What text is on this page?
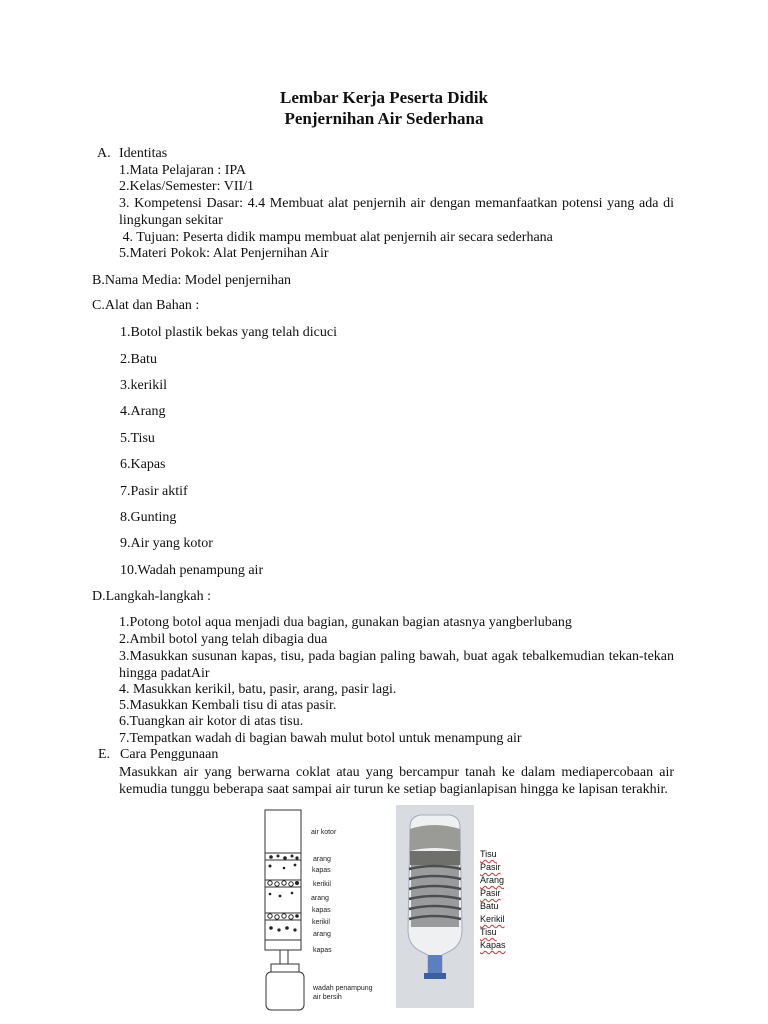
Lembar Kerja Peserta Didik
Penjernihan Air Sederhana
A. Identitas
1.Mata Pelajaran : IPA
2.Kelas/Semester: VII/1
3. Kompetensi Dasar: 4.4 Membuat alat penjernih air dengan memanfaatkan potensi yang ada di lingkungan sekitar
4. Tujuan: Peserta didik mampu membuat alat penjernih air secara sederhana
5.Materi Pokok: Alat Penjernihan Air
B.Nama Media: Model penjernihan
C.Alat dan Bahan :
1.Botol plastik bekas yang telah dicuci
2.Batu
3.kerikil
4.Arang
5.Tisu
6.Kapas
7.Pasir aktif
8.Gunting
9.Air yang kotor
10.Wadah penampung air
D.Langkah-langkah :
1.Potong botol aqua menjadi dua bagian, gunakan bagian atasnya yangberlubang
2.Ambil botol yang telah dibagia dua
3.Masukkan susunan kapas, tisu, pada bagian paling bawah, buat agak tebalkemudian tekan-tekan hingga padatAir
4. Masukkan kerikil, batu, pasir, arang, pasir lagi.
5.Masukkan Kembali tisu di atas pasir.
6.Tuangkan air kotor di atas tisu.
7.Tempatkan wadah di bagian bawah mulut botol untuk menampung air
E. Cara Penggunaan
Masukkan air yang berwarna coklat atau yang bercampur tanah ke dalam mediapercobaan air kemudia tunggu beberapa saat sampai air turun ke setiap bagianlapisan hingga ke lapisan terakhir.
air kotor
arang
kapas
kerikil
arang
kapas
kerikil
arang
kapas
wadah penampung
air bersih
Tisu
Pasir
Arang
Pasir
Batu
Kerikil
Tisu
Kapas
